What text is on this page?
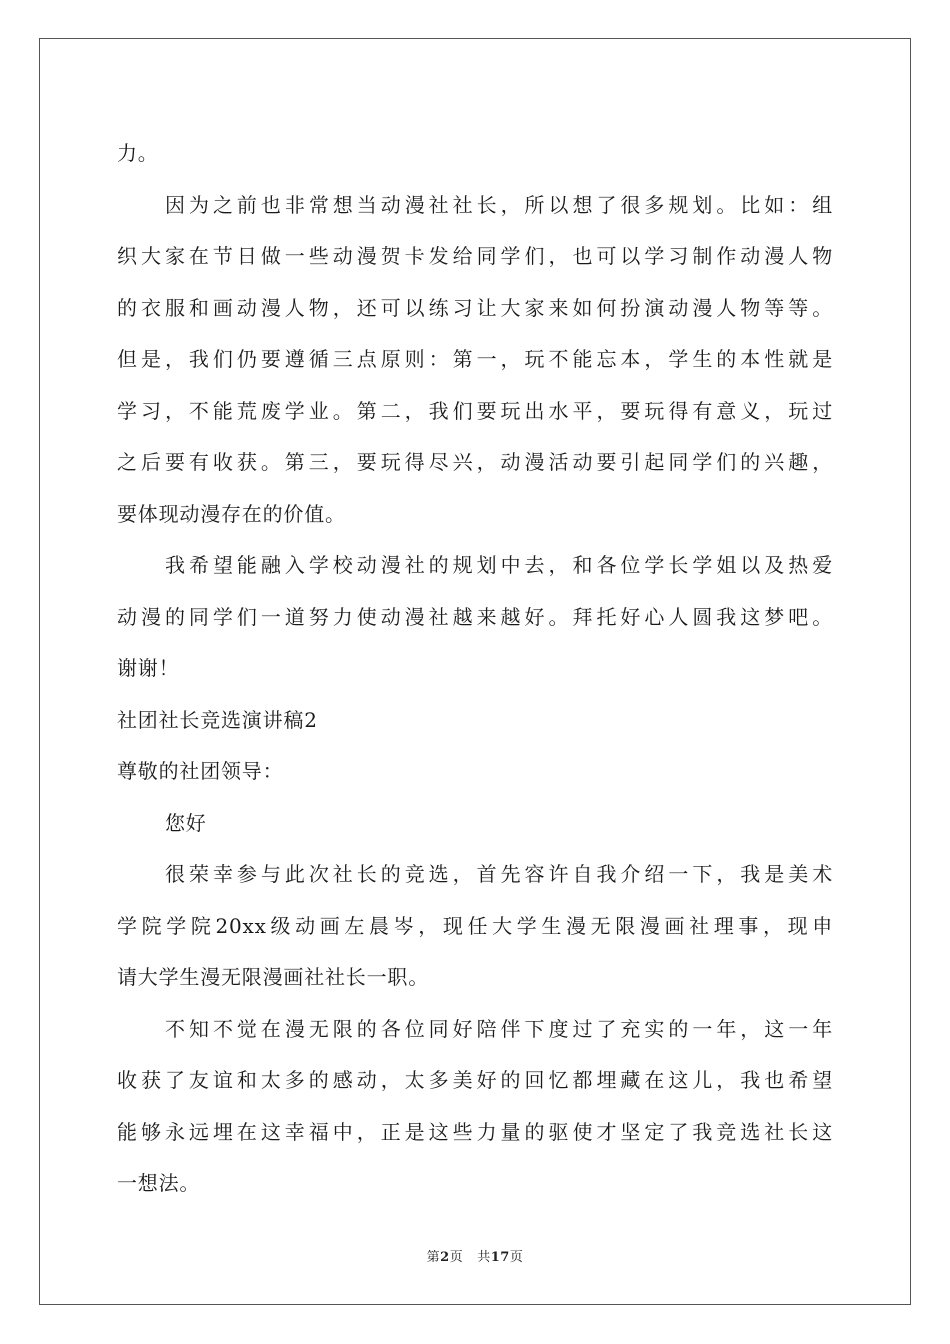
力。
因为之前也非常想当动漫社社长，所以想了很多规划。比如：组
织大家在节日做一些动漫贺卡发给同学们，也可以学习制作动漫人物
的衣服和画动漫人物，还可以练习让大家来如何扮演动漫人物等等。
但是，我们仍要遵循三点原则：第一，玩不能忘本，学生的本性就是
学习，不能荒废学业。第二，我们要玩出水平，要玩得有意义，玩过
之后要有收获。第三，要玩得尽兴，动漫活动要引起同学们的兴趣，
要体现动漫存在的价值。
我希望能融入学校动漫社的规划中去，和各位学长学姐以及热爱
动漫的同学们一道努力使动漫社越来越好。拜托好心人圆我这梦吧。
谢谢！
社团社长竞选演讲稿2
尊敬的社团领导：
您好
很荣幸参与此次社长的竞选，首先容许自我介绍一下，我是美术
学院学院20xx级动画左晨岑，现任大学生漫无限漫画社理事，现申
请大学生漫无限漫画社社长一职。
不知不觉在漫无限的各位同好陪伴下度过了充实的一年，这一年
收获了友谊和太多的感动，太多美好的回忆都埋藏在这儿，我也希望
能够永远埋在这幸福中，正是这些力量的驱使才坚定了我竞选社长这
一想法。
第2页 共17页
